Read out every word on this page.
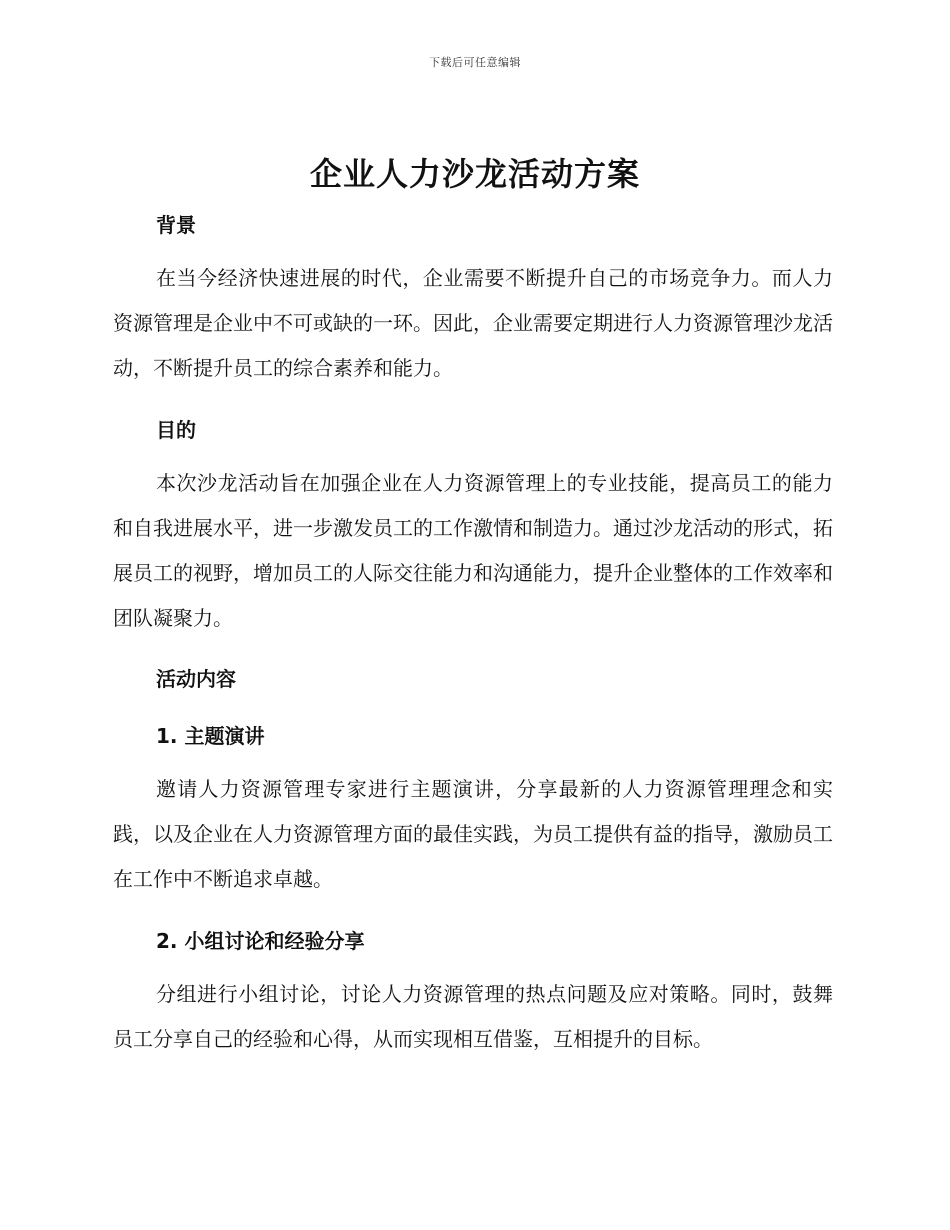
下载后可任意编辑
企业人力沙龙活动方案
背景

在当今经济快速进展的时代，企业需要不断提升自己的市场竞争力。而人力资源管理是企业中不可或缺的一环。因此，企业需要定期进行人力资源管理沙龙活动，不断提升员工的综合素养和能力。

目的

本次沙龙活动旨在加强企业在人力资源管理上的专业技能，提高员工的能力和自我进展水平，进一步激发员工的工作激情和制造力。通过沙龙活动的形式，拓展员工的视野，增加员工的人际交往能力和沟通能力，提升企业整体的工作效率和团队凝聚力。

活动内容
1. 主题演讲

邀请人力资源管理专家进行主题演讲，分享最新的人力资源管理理念和实践，以及企业在人力资源管理方面的最佳实践，为员工提供有益的指导，激励员工在工作中不断追求卓越。

2. 小组讨论和经验分享

分组进行小组讨论，讨论人力资源管理的热点问题及应对策略。同时，鼓舞员工分享自己的经验和心得，从而实现相互借鉴，互相提升的目标。
